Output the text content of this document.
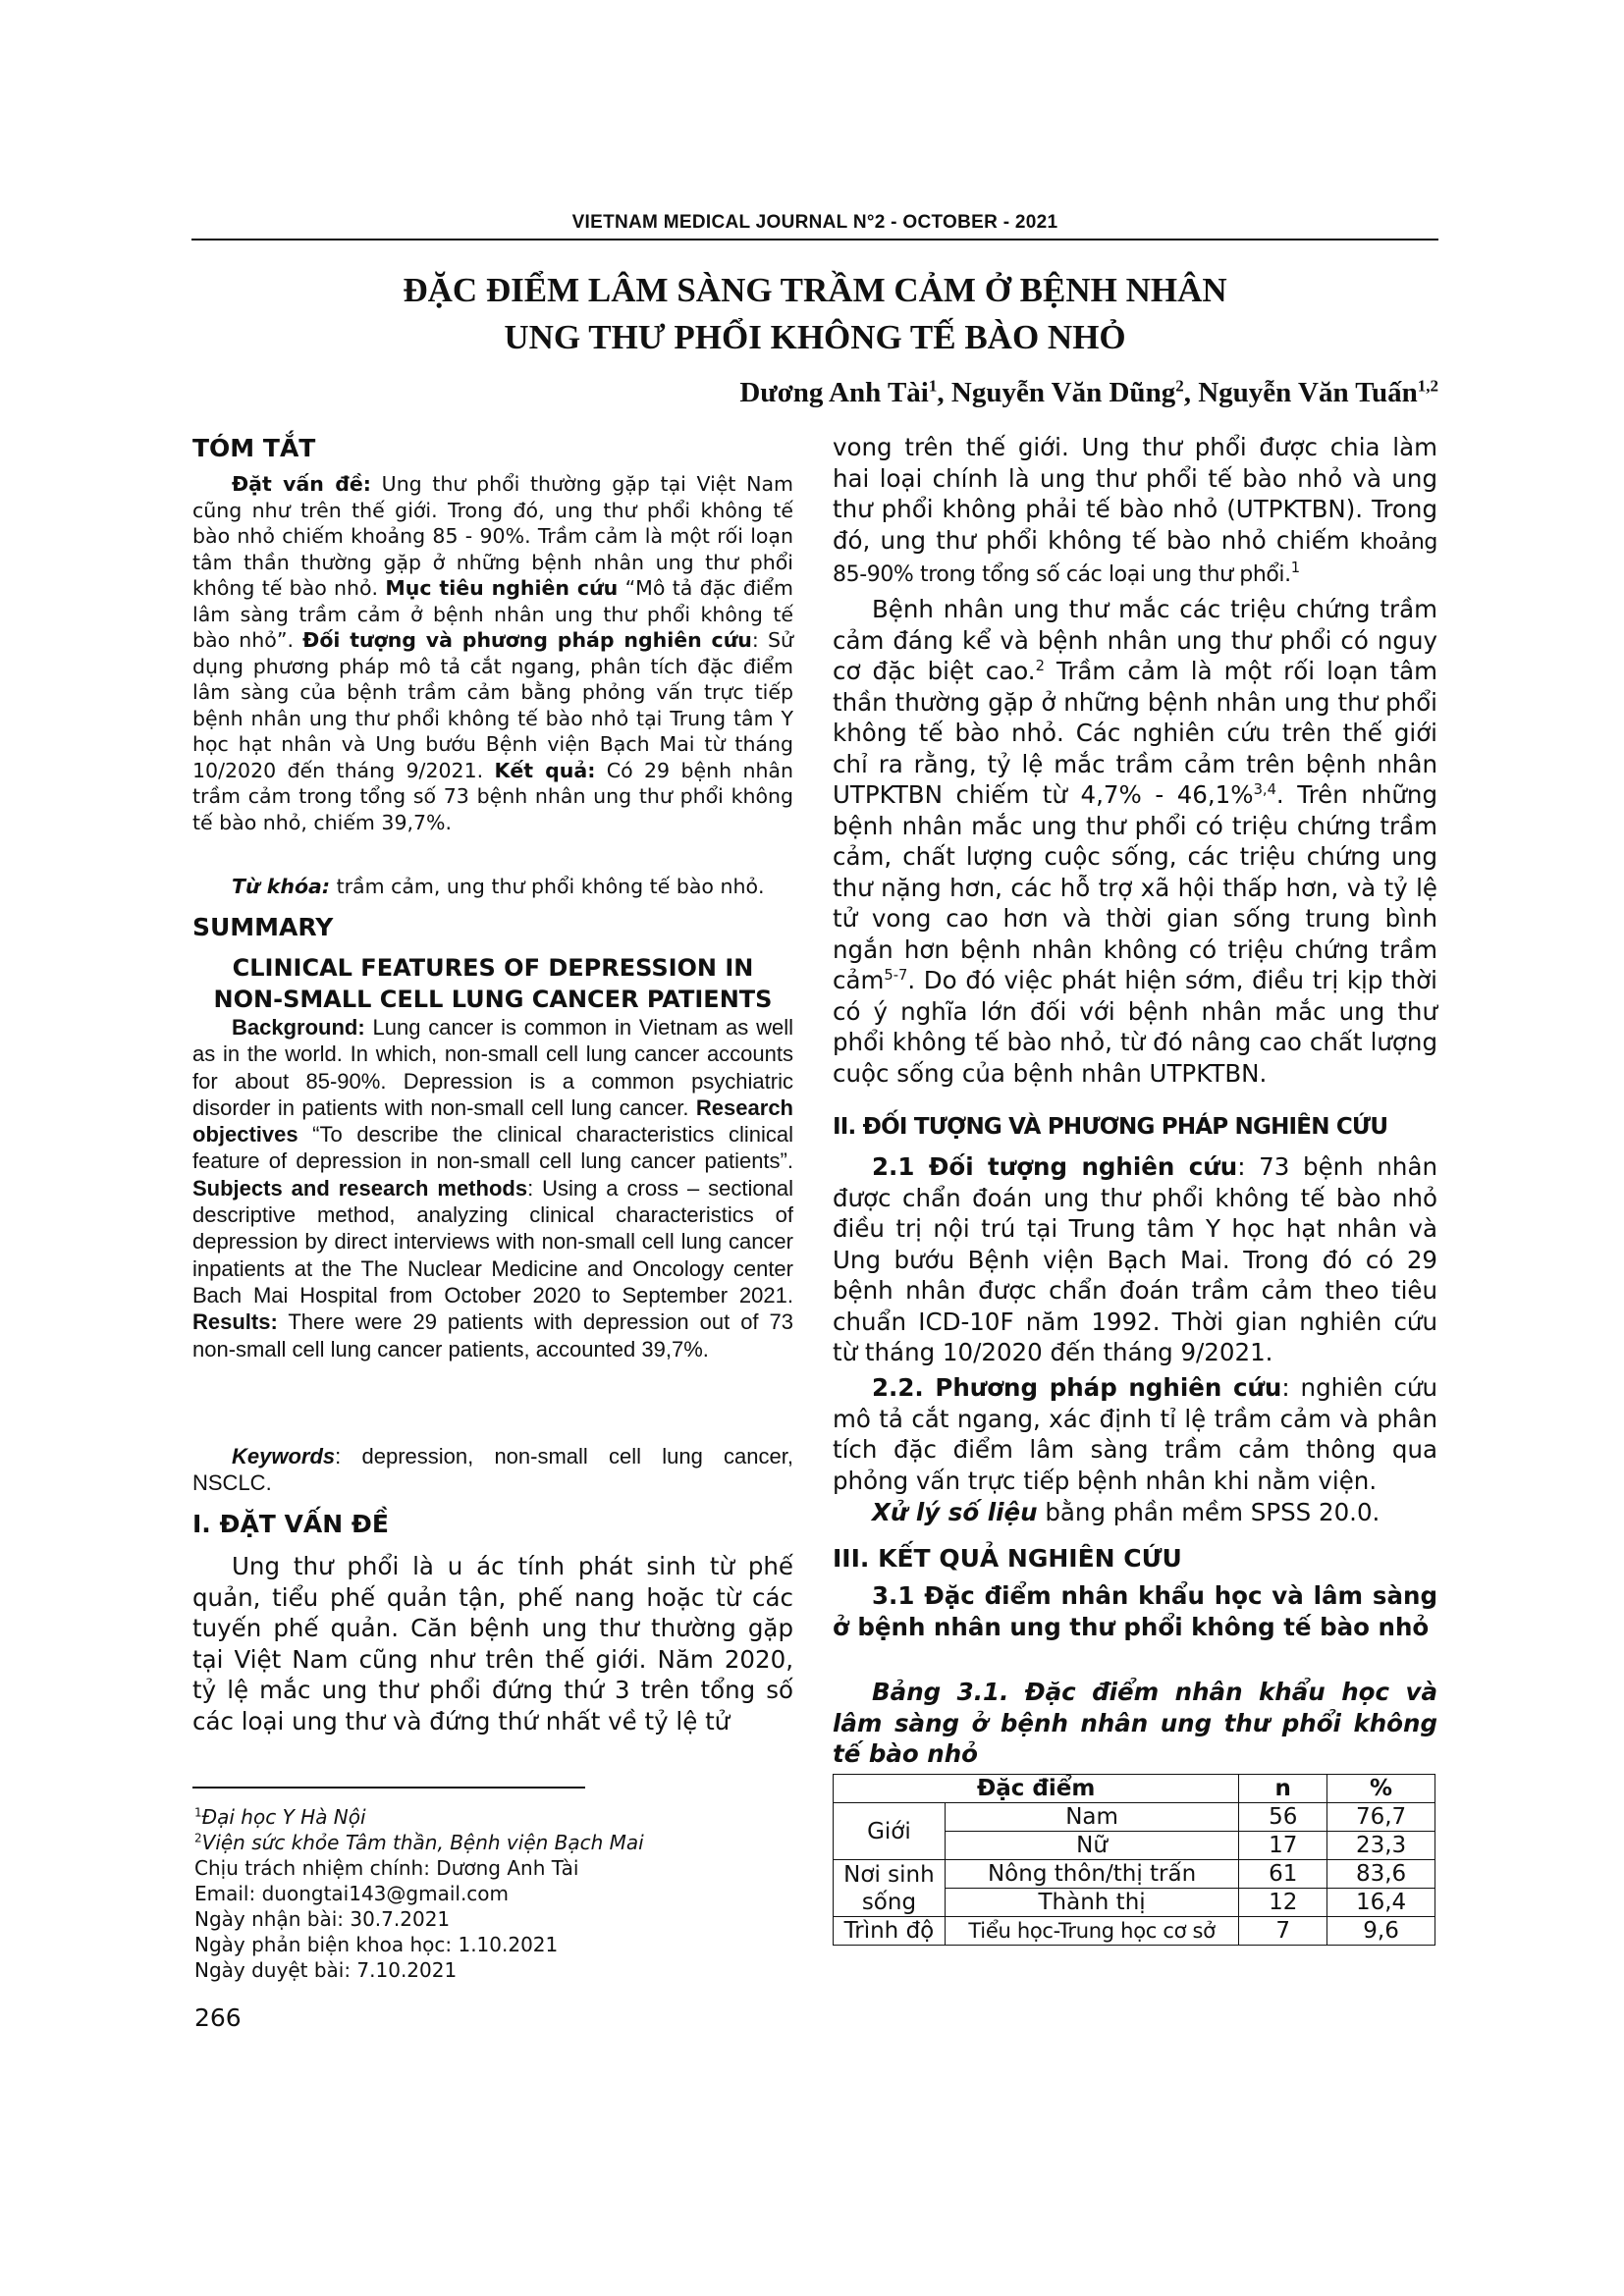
VIETNAM MEDICAL JOURNAL N°2 - OCTOBER - 2021
ĐẶC ĐIỂM LÂM SÀNG TRẦM CẢM Ở BỆNH NHÂN
UNG THƯ PHỔI KHÔNG TẾ BÀO NHỎ
Dương Anh Tài$^1$, Nguyễn Văn Dũng$^2$, Nguyễn Văn Tuấn$^{1,2}$
TÓM TẮT

Đặt vấn đề: Ung thư phổi thường gặp tại Việt Nam cũng như trên thế giới. Trong đó, ung thư phổi không tế bào nhỏ chiếm khoảng 85 - 90%. Trầm cảm là một rối loạn tâm thần thường gặp ở những bệnh nhân ung thư phổi không tế bào nhỏ. Mục tiêu nghiên cứu “Mô tả đặc điểm lâm sàng trầm cảm ở bệnh nhân ung thư phổi không tế bào nhỏ”. Đối tượng và phương pháp nghiên cứu: Sử dụng phương pháp mô tả cắt ngang, phân tích đặc điểm lâm sàng của bệnh trầm cảm bằng phỏng vấn trực tiếp bệnh nhân ung thư phổi không tế bào nhỏ tại Trung tâm Y học hạt nhân và Ung bướu Bệnh viện Bạch Mai từ tháng 10/2020 đến tháng 9/2021. Kết quả: Có 29 bệnh nhân trầm cảm trong tổng số 73 bệnh nhân ung thư phổi không tế bào nhỏ, chiếm 39,7%.

Từ khóa: trầm cảm, ung thư phổi không tế bào nhỏ.

SUMMARY
CLINICAL FEATURES OF DEPRESSION IN
NON-SMALL CELL LUNG CANCER PATIENTS

Background: Lung cancer is common in Vietnam as well as in the world. In which, non-small cell lung cancer accounts for about 85-90%. Depression is a common psychiatric disorder in patients with non-small cell lung cancer. Research objectives “To describe the clinical characteristics clinical feature of depression in non-small cell lung cancer patients”. Subjects and research methods: Using a cross – sectional descriptive method, analyzing clinical characteristics of depression by direct interviews with non-small cell lung cancer inpatients at the The Nuclear Medicine and Oncology center Bach Mai Hospital from October 2020 to September 2021. Results: There were 29 patients with depression out of 73 non-small cell lung cancer patients, accounted 39,7%.

Keywords: depression, non-small cell lung cancer, NSCLC.

I. ĐẶT VẤN ĐỀ

Ung thư phổi là u ác tính phát sinh từ phế quản, tiểu phế quản tận, phế nang hoặc từ các tuyến phế quản. Căn bệnh ung thư thường gặp tại Việt Nam cũng như trên thế giới. Năm 2020, tỷ lệ mắc ung thư phổi đứng thứ 3 trên tổng số các loại ung thư và đứng thứ nhất về tỷ lệ tử

$^1$Đại học Y Hà Nội
$^2$Viện sức khỏe Tâm thần, Bệnh viện Bạch Mai
Chịu trách nhiệm chính: Dương Anh Tài
Email: duongtai143@gmail.com
Ngày nhận bài: 30.7.2021
Ngày phản biện khoa học: 1.10.2021
Ngày duyệt bài: 7.10.2021
266

vong trên thế giới. Ung thư phổi được chia làm hai loại chính là ung thư phổi tế bào nhỏ và ung thư phổi không phải tế bào nhỏ (UTPKTBN). Trong đó, ung thư phổi không tế bào nhỏ chiếm khoảng 85-90% trong tổng số các loại ung thư phổi.$^1$

Bệnh nhân ung thư mắc các triệu chứng trầm cảm đáng kể và bệnh nhân ung thư phổi có nguy cơ đặc biệt cao.$^2$ Trầm cảm là một rối loạn tâm thần thường gặp ở những bệnh nhân ung thư phổi không tế bào nhỏ. Các nghiên cứu trên thế giới chỉ ra rằng, tỷ lệ mắc trầm cảm trên bệnh nhân UTPKTBN chiếm từ 4,7% - 46,1%$^{3,4}$. Trên những bệnh nhân mắc ung thư phổi có triệu chứng trầm cảm, chất lượng cuộc sống, các triệu chứng ung thư nặng hơn, các hỗ trợ xã hội thấp hơn, và tỷ lệ tử vong cao hơn và thời gian sống trung bình ngắn hơn bệnh nhân không có triệu chứng trầm cảm$^{5-7}$. Do đó việc phát hiện sớm, điều trị kịp thời có ý nghĩa lớn đối với bệnh nhân mắc ung thư phổi không tế bào nhỏ, từ đó nâng cao chất lượng cuộc sống của bệnh nhân UTPKTBN.

II. ĐỐI TƯỢNG VÀ PHƯƠNG PHÁP NGHIÊN CỨU

2.1 Đối tượng nghiên cứu: 73 bệnh nhân được chẩn đoán ung thư phổi không tế bào nhỏ điều trị nội trú tại Trung tâm Y học hạt nhân và Ung bướu Bệnh viện Bạch Mai. Trong đó có 29 bệnh nhân được chẩn đoán trầm cảm theo tiêu chuẩn ICD-10F năm 1992. Thời gian nghiên cứu từ tháng 10/2020 đến tháng 9/2021.

2.2. Phương pháp nghiên cứu: nghiên cứu mô tả cắt ngang, xác định tỉ lệ trầm cảm và phân tích đặc điểm lâm sàng trầm cảm thông qua phỏng vấn trực tiếp bệnh nhân khi nằm viện.

Xử lý số liệu bằng phần mềm SPSS 20.0.

III. KẾT QUẢ NGHIÊN CỨU

3.1 Đặc điểm nhân khẩu học và lâm sàng ở bệnh nhân ung thư phổi không tế bào nhỏ

Bảng 3.1. Đặc điểm nhân khẩu học và lâm sàng ở bệnh nhân ung thư phổi không tế bào nhỏ

Đặc điểm		n	%
Giới	Nam	56	76,7
	Nữ	17	23,3
Nơi sinh sống	Nông thôn/thị trấn	61	83,6
	Thành thị	12	16,4
Trình độ	Tiểu học-Trung học cơ sở	7	9,6
